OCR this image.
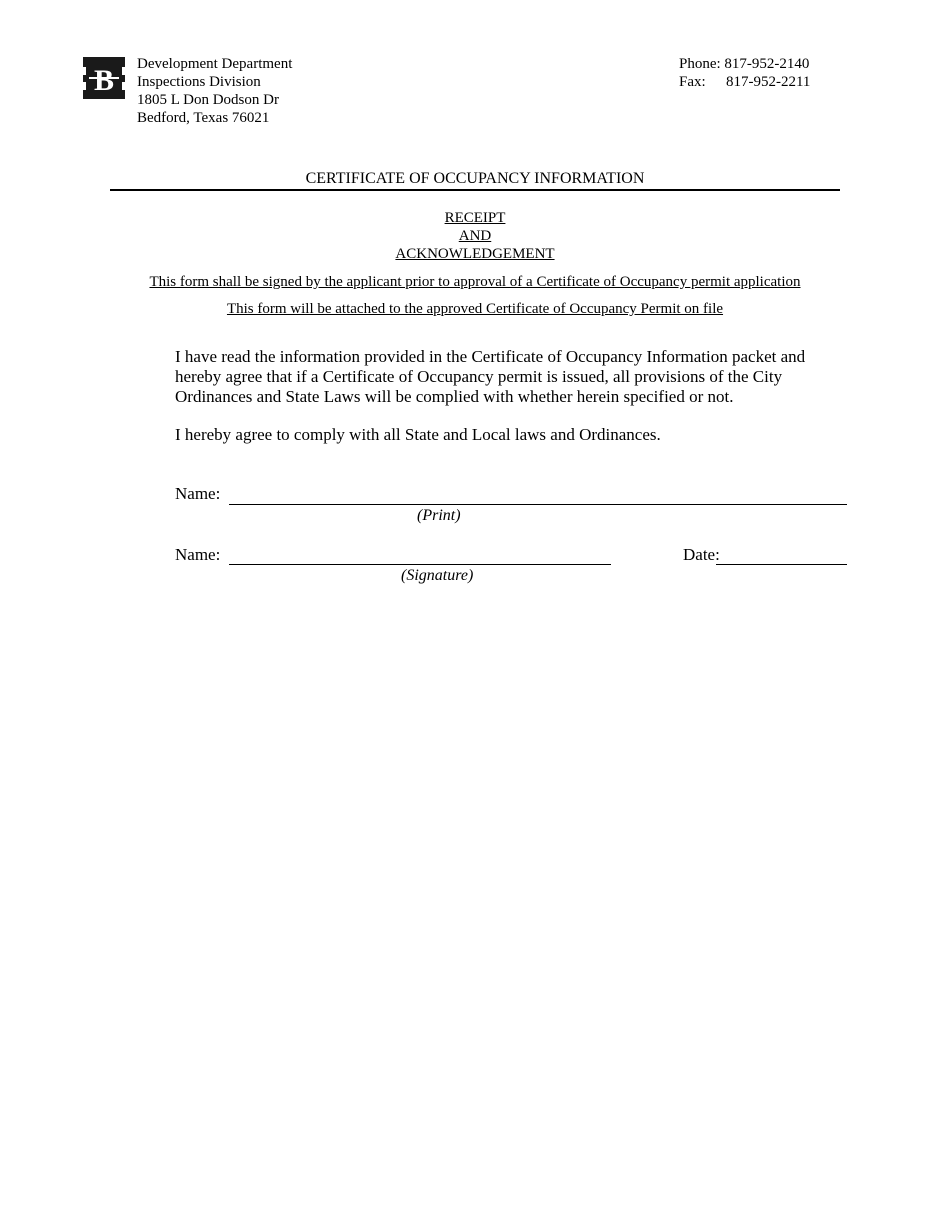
B Development Department
Inspections Division
1805 L Don Dodson Dr
Bedford, Texas 76021
Phone: 817-952-2140
Fax: 817-952-2211
CERTIFICATE OF OCCUPANCY INFORMATION
RECEIPT
AND
ACKNOWLEDGEMENT
This form shall be signed by the applicant prior to approval of a Certificate of Occupancy permit application
This form will be attached to the approved Certificate of Occupancy Permit on file
I have read the information provided in the Certificate of Occupancy Information packet and hereby agree that if a Certificate of Occupancy permit is issued, all provisions of the City Ordinances and State Laws will be complied with whether herein specified or not.
I hereby agree to comply with all State and Local laws and Ordinances.
Name:
(Print)
Name:
(Signature)
Date:
